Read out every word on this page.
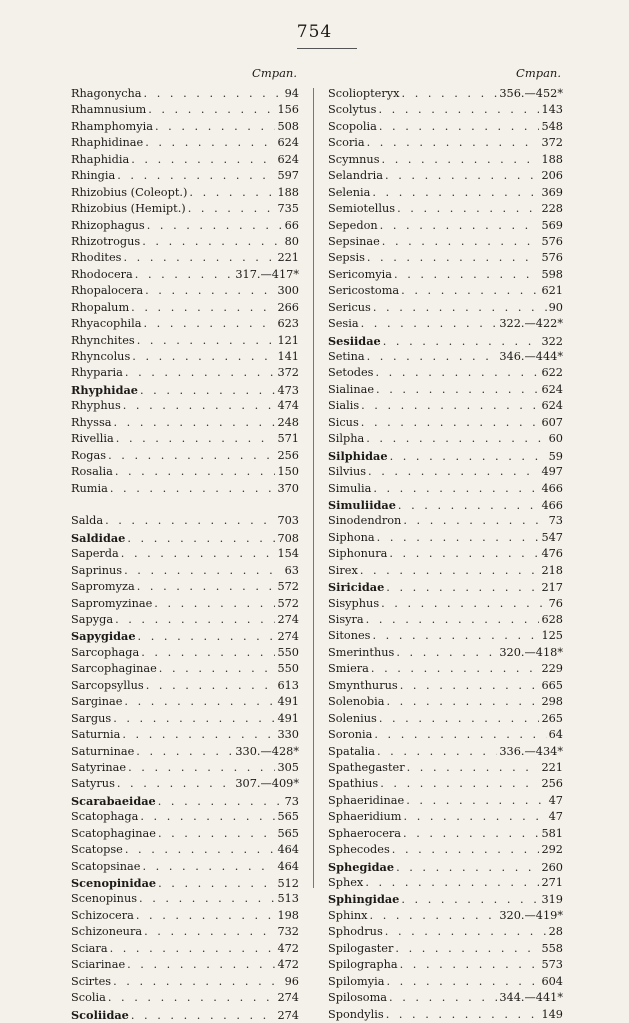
754
Cmpan.
Rhagonycha . . .	94
Rhamnusium . . .	156
Rhamphomyia . . .	508
Rhaphidinae . . .	624
Rhaphidia . . .	624
Rhingia . . .	597
Rhizobius (Coleopt.) . . .	188
Rhizobius (Hemipt.) . . .	735
Rhizophagus . . .	66
Rhizotrogus . . .	80
Rhodites . . .	221
Rhodocera . . .	317.—417*
Rhopalocera . . .	300
Rhopalum . . .	266
Rhyacophila . . .	623
Rhynchites . . .	121
Rhyncolus . . .	141
Rhyparia . . .	372
Rhyphidae . . .	473
Rhyphus . . .	474
Rhyssa . . .	248
Rivellia . . .	571
Rogas . . .	256
Rosalia . . .	150
Rumia . . .	370
Salda . . .	703
Saldidae . . .	708
Saperda . . .	154
Saprinus . . .	63
Sapromyza . . .	572
Sapromyzinae . . .	572
Sapyga . . .	274
Sapygidae . . .	274
Sarcophaga . . .	550
Sarcophaginae . . .	550
Sarcopsyllus . . .	613
Sarginae . . .	491
Sargus . . .	491
Saturnia . . .	330
Saturninae . . .	330.—428*
Satyrinae . . .	305
Satyrus . . .	307.—409*
Scarabaeidae . . .	73
Scatophaga . . .	565
Scatophaginae . . .	565
Scatopse . . .	464
Scatopsinae . . .	464
Scenopinidae . . .	512
Scenopinus . . .	513
Schizocera . . .	198
Schizoneura . . .	732
Sciara . . .	472
Sciarinae . . .	472
Scirtes . . .	96
Scolia . . .	274
Scoliidae . . .	274
Cmpan.
Scoliopteryx . . .	356.—452*
Scolytus . . .	143
Scopolia . . .	548
Scoria . . .	372
Scymnus . . .	188
Selandria . . .	206
Selenia . . .	369
Semiotellus . . .	228
Sepedon . . .	569
Sepsinae . . .	576
Sepsis . . .	576
Sericomyia . . .	598
Sericostoma . . .	621
Sericus . . .	90
Sesia . . .	322.—422*
Sesiidae . . .	322
Setina . . .	346.—444*
Setodes . . .	622
Sialinae . . .	624
Sialis . . .	624
Sicus . . .	607
Silpha . . .	60
Silphidae . . .	59
Silvius . . .	497
Simulia . . .	466
Simuliidae . . .	466
Sinodendron . . .	73
Siphona . . .	547
Siphonura . . .	476
Sirex . . .	218
Siricidae . . .	217
Sisyphus . . .	76
Sisyra . . .	628
Sitones . . .	125
Smerinthus . . .	320.—418*
Smiera . . .	229
Smynthurus . . .	665
Solenobia . . .	298
Solenius . . .	265
Soronia . . .	64
Spatalia . . .	336.—434*
Spathegaster . . .	221
Spathius . . .	256
Sphaeridinae . . .	47
Sphaeridium . . .	47
Sphaerocera . . .	581
Sphecodes . . .	292
Sphegidae . . .	260
Sphex . . .	271
Sphingidae . . .	319
Sphinx . . .	320.—419*
Sphodrus . . .	28
Spilogaster . . .	558
Spilographa . . .	573
Spilomyia . . .	604
Spilosoma . . .	344.—441*
Spondylis . . .	149
